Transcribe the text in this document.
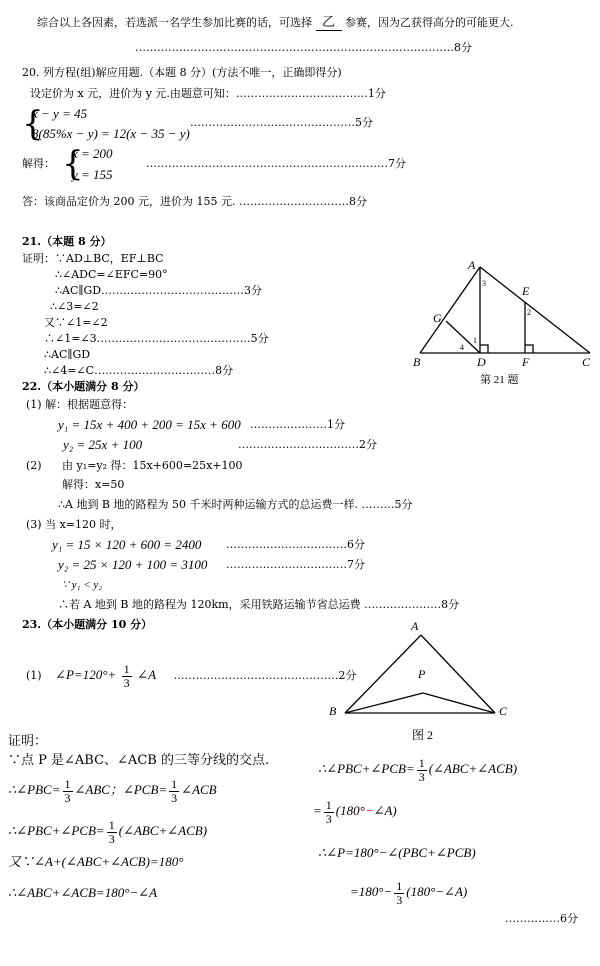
综合以上各因素，若选派一名学生参加比赛的话，可选择 乙 参赛，因为乙获得高分的可能更大.
……………………………………………………………………………8分
20. 列方程(组)解应用题.（本题 8 分）(方法不唯一，正确即得分)
设定价为 x 元，进价为 y 元.由题意可知：………………………………1分
{
x − y = 45
8(85%x − y) = 12(x − 35 − y)
………………………………………5分
解得： {
x = 200
y = 155
…………………………………………………………7分
答：该商品定价为 200 元，进价为 155 元. …………………………8分
21.（本题 8 分）
证明：∵AD⊥BC，EF⊥BC
∴∠ADC=∠EFC=90°
∴AC∥GD…………………………………3分
∴∠3=∠2
又∵∠1=∠2
∴∠1=∠3……………………………………5分
∴AC∥GD
∴∠4=∠C……………………………8分
A
B	C
D
E
F
G
1
2
3
4
第 21 题
22.（本小题满分 8 分）
(1) 解：根据题意得：
y₁ = 15x + 400 + 200 = 15x + 600 …………………1分
y₂ = 25x + 100	……………………………2分
(2) 由 y₁=y₂ 得：15x+600=25x+100
解得：x=50
∴A 地到 B 地的路程为 50 千米时两种运输方式的总运费一样. ………5分
(3) 当 x=120 时，
y₁ = 15 × 120 + 600 = 2400 ……………………………6分
y₂ = 25 × 120 + 100 = 3100 ……………………………7分
∵ y₁ < y₂
∴若 A 地到 B 地的路程为 120km，采用铁路运输节省总运费 …………………8分
23.（本小题满分 10 分）
(1) ∠P=120°+ $\frac{1}{3}$ ∠A ………………………………………2分
A
B	C
P
图 2
证明：
∵点 P 是∠ABC、∠ACB 的三等分线的交点.
∴∠PBC= $\frac{1}{3}$ ∠ABC；∠PCB= $\frac{1}{3}$ ∠ACB
∴∠PBC+∠PCB= $\frac{1}{3}$ (∠ABC+∠ACB)
又∵∠A+(∠ABC+∠ACB)=180°
∴∠ABC+∠ACB=180°−∠A
∴∠PBC+∠PCB= $\frac{1}{3}$ (∠ABC+∠ACB)
= $\frac{1}{3}$ (180°−∠A)
∴∠P=180°−∠(PBC+∠PCB)
$=180^\circ- \frac{1}{3}$ (180°−∠A)
……………6分
